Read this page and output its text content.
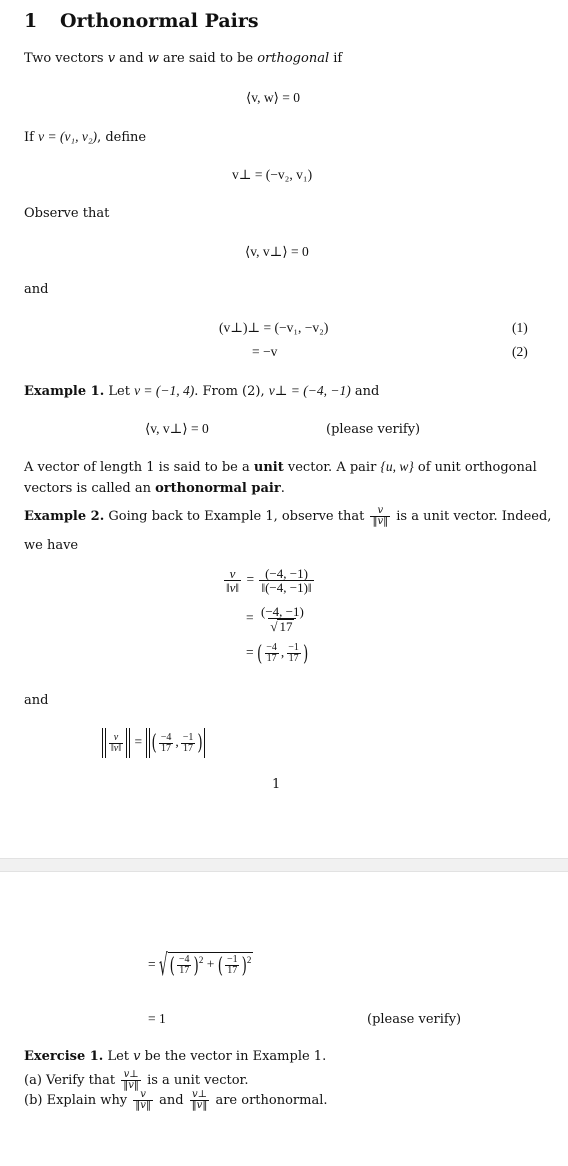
1 Orthonormal Pairs
Two vectors v and w are said to be orthogonal if
⟨v, w⟩ = 0
If v = (v₁, v₂), define
v⊥ = (−v₂, v₁)
Observe that
⟨v, v⊥⟩ = 0
and
(v⊥)⊥ = (−v₁, −v₂)	(1)
= −v	(2)
Example 1. Let v = (−1, 4). From (2), v⊥ = (−4, −1) and
⟨v, v⊥⟩ = 0	(please verify)
A vector of length 1 is said to be a unit vector. A pair {u, w} of unit orthogonal
vectors is called an orthonormal pair.
Example 2. Going back to Example 1, observe that $\frac{v}{‖v‖}$ is a unit vector. Indeed,
we have
$\frac{v}{‖v‖} = \frac{(-4, -1)}{‖(-4, -1)‖}$
= $\frac{(-4, -1)}{√ 17}$
= ( $\frac{-4}{17}$ , $\frac{-1}{17}$ )
and
‖ $\frac{v}{‖v‖}$ = ‖( $\frac{-4}{17}$ , $\frac{-1}{17}$ )‖
1
= √ ( $\frac{-4}{17} )^2$ + ( $\frac{-1}{17} )^2$
= 1	(please verify)
Exercise 1. Let v be the vector in Example 1.
(a) Verify that $\frac{v\perp}{‖v‖}$ is a unit vector.
(b) Explain why $\frac{v}{‖v‖}$ and $\frac{v\perp}{‖v‖}$ are orthonormal.
